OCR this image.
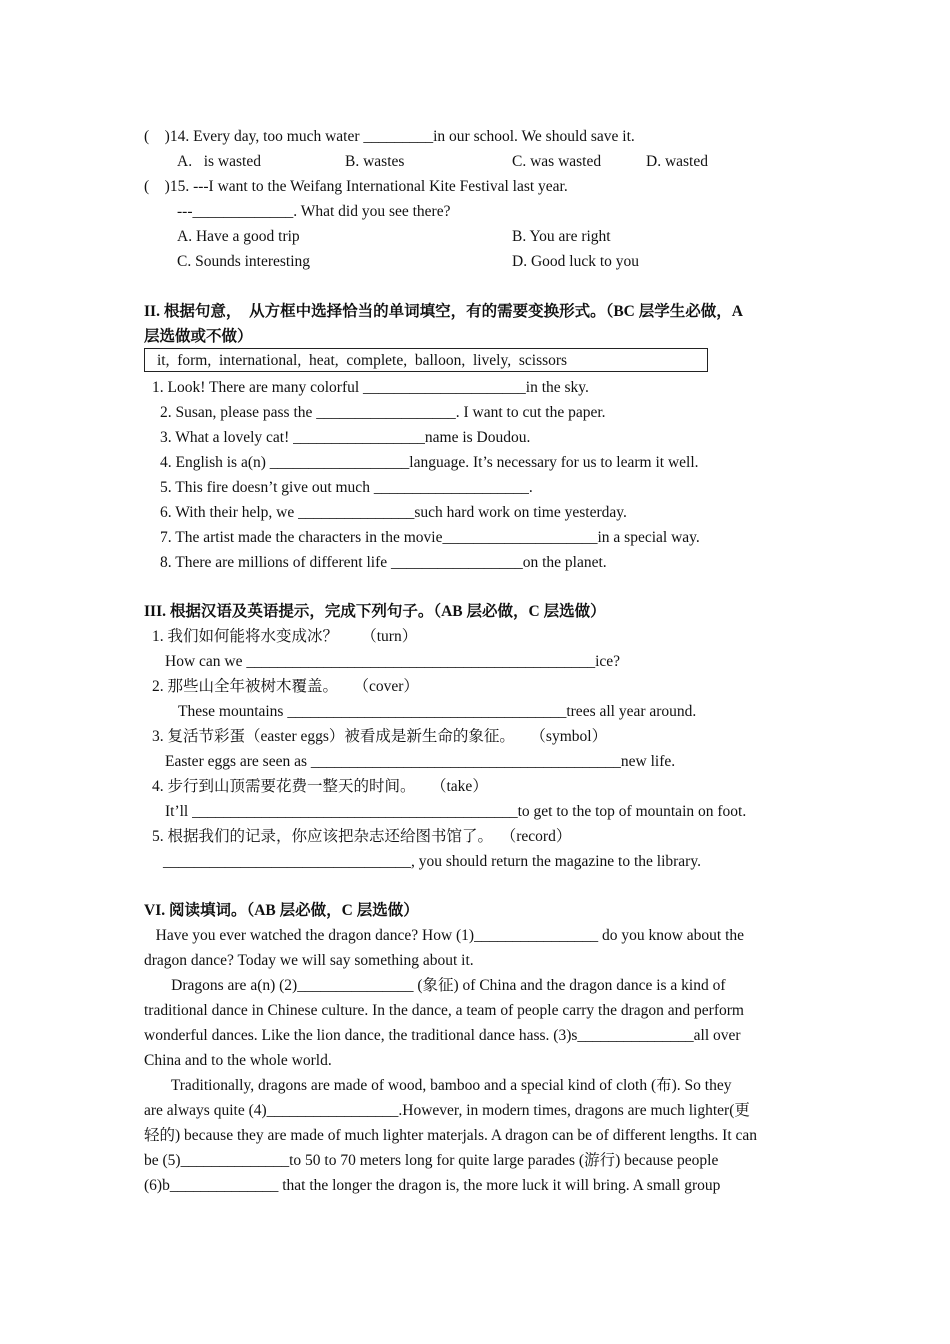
(    )14. Every day, too much water _________in our school. We should save it.
A.   is wasted	B. wastes	C. was wasted	D. wasted
(    )15. ---I want to the Weifang International Kite Festival last year.
---_____________. What did you see there?
A. Have a good trip	B. You are right
C. Sounds interesting	D. Good luck to you
II. 根据句意，  从方框中选择恰当的单词填空，有的需要变换形式。（BC 层学生必做，A
层选做或不做）
it,  form,  international,  heat,  complete,  balloon,  lively,  scissors
1. Look! There are many colorful _____________________in the sky.
2. Susan, please pass the __________________. I want to cut the paper.
3. What a lovely cat! _________________name is Doudou.
4. English is a(n) __________________language. It’s necessary for us to learm it well.
5. This fire doesn’t give out much ____________________.
6. With their help, we _______________such hard work on time yesterday.
7. The artist made the characters in the movie____________________in a special way.
8. There are millions of different life _________________on the planet.
III. 根据汉语及英语提示，完成下列句子。（AB 层必做，C 层选做）
1. 我们如何能将水变成冰？      （turn）
How can we _____________________________________________ice?
2. 那些山全年被树木覆盖。    （cover）
These mountains ____________________________________trees all year around.
3. 复活节彩蛋（easter eggs）被看成是新生命的象征。    （symbol）
Easter eggs are seen as ________________________________________new life.
4. 步行到山顶需要花费一整天的时间。    （take）
It’ll __________________________________________to get to the top of mountain on foot.
5. 根据我们的记录，你应该把杂志还给图书馆了。  （record）
________________________________, you should return the magazine to the library.
VI. 阅读填词。（AB 层必做，C 层选做）
Have you ever watched the dragon dance? How (1)________________ do you know about the
dragon dance? Today we will say something about it.
Dragons are a(n) (2)_______________ (象征) of China and the dragon dance is a kind of
traditional dance in Chinese culture. In the dance, a team of people carry the dragon and perform
wonderful dances. Like the lion dance, the traditional dance hass. (3)s_______________all over
China and to the whole world.
Traditionally, dragons are made of wood, bamboo and a special kind of cloth (布). So they
are always quite (4)_________________.However, in modern times, dragons are much lighter(更
轻的) because they are made of much lighter materjals. A dragon can be of different lengths. It can
be (5)______________to 50 to 70 meters long for quite large parades (游行) because people
(6)b______________ that the longer the dragon is, the more luck it will bring. A small group
